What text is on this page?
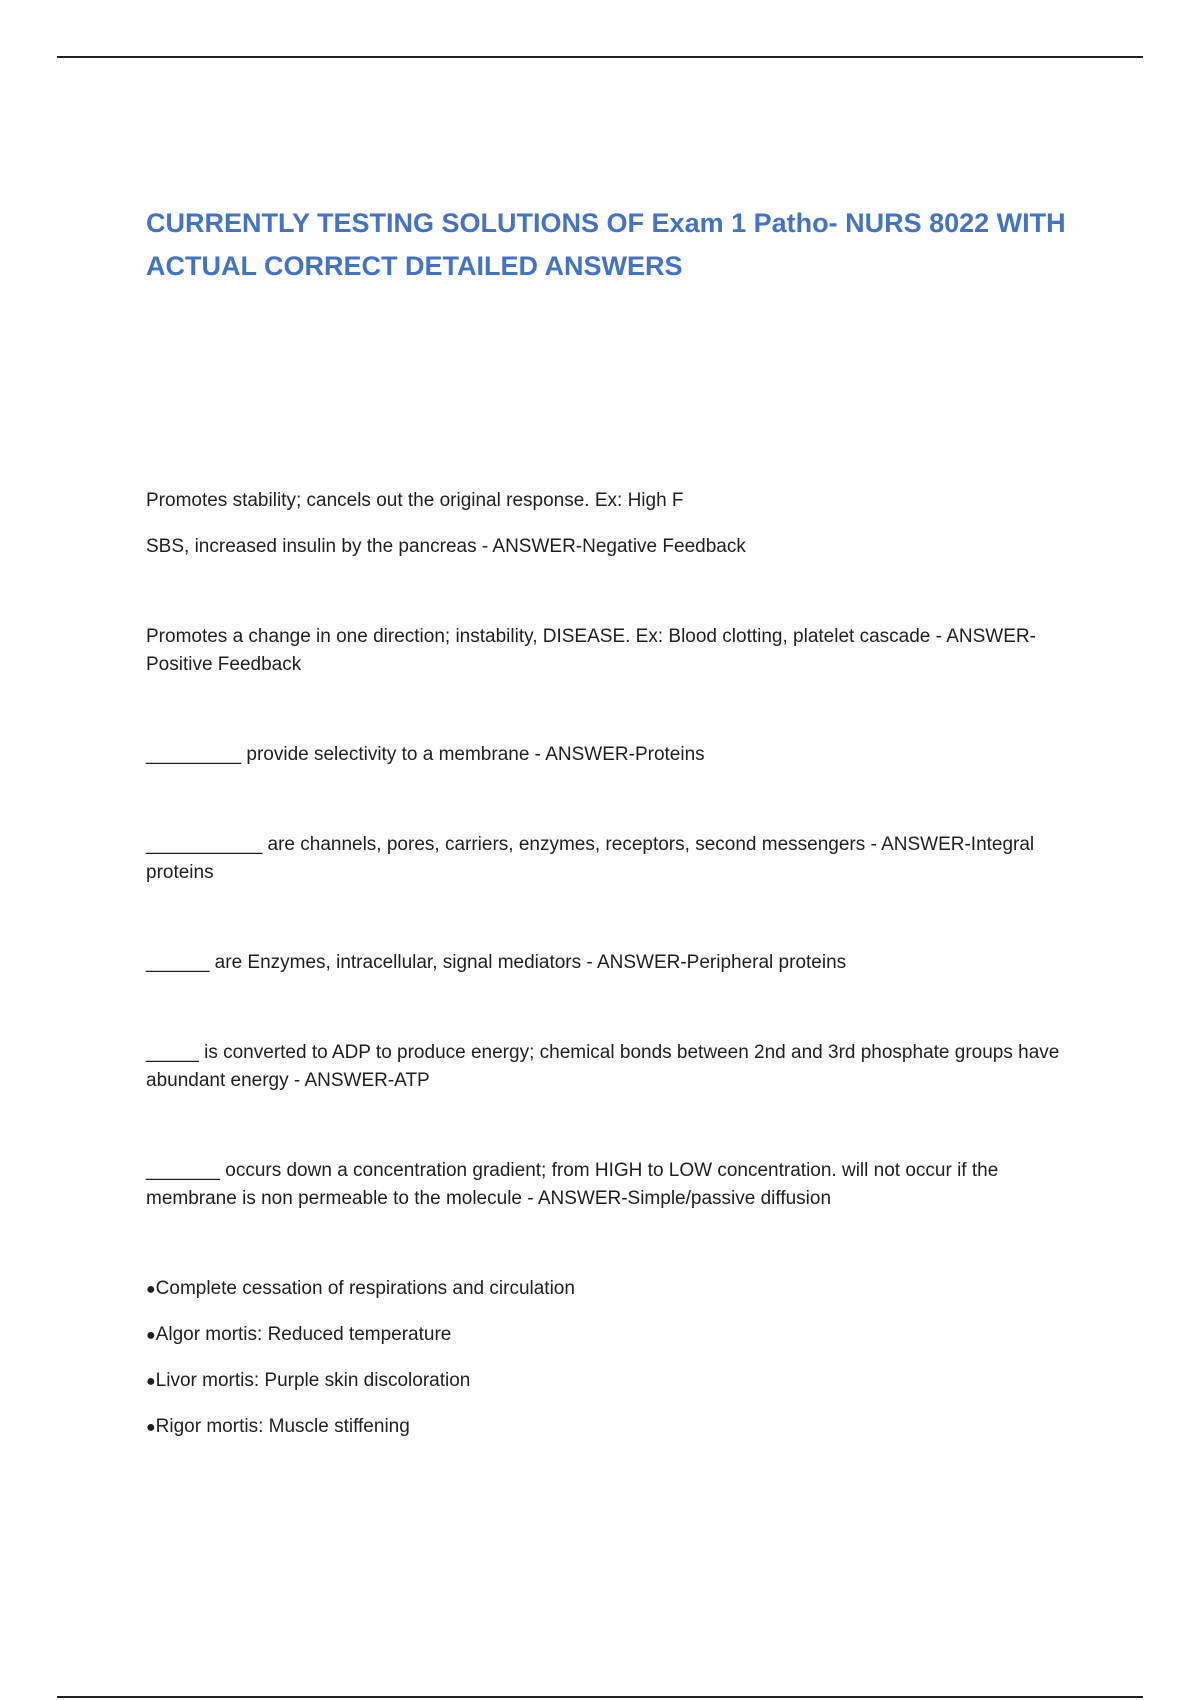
CURRENTLY TESTING SOLUTIONS OF Exam 1 Patho- NURS 8022 WITH ACTUAL CORRECT DETAILED ANSWERS

Promotes stability; cancels out the original response. Ex: High F

SBS, increased insulin by the pancreas - ANSWER-Negative Feedback

Promotes a change in one direction; instability, DISEASE. Ex: Blood clotting, platelet cascade - ANSWER-Positive Feedback

_________ provide selectivity to a membrane - ANSWER-Proteins

___________ are channels, pores, carriers, enzymes, receptors, second messengers - ANSWER-Integral proteins

______ are Enzymes, intracellular, signal mediators - ANSWER-Peripheral proteins

_____ is converted to ADP to produce energy; chemical bonds between 2nd and 3rd phosphate groups have abundant energy - ANSWER-ATP

_______ occurs down a concentration gradient; from HIGH to LOW concentration. will not occur if the membrane is non permeable to the molecule - ANSWER-Simple/passive diffusion

●Complete cessation of respirations and circulation
●Algor mortis: Reduced temperature
●Livor mortis: Purple skin discoloration
●Rigor mortis: Muscle stiffening
